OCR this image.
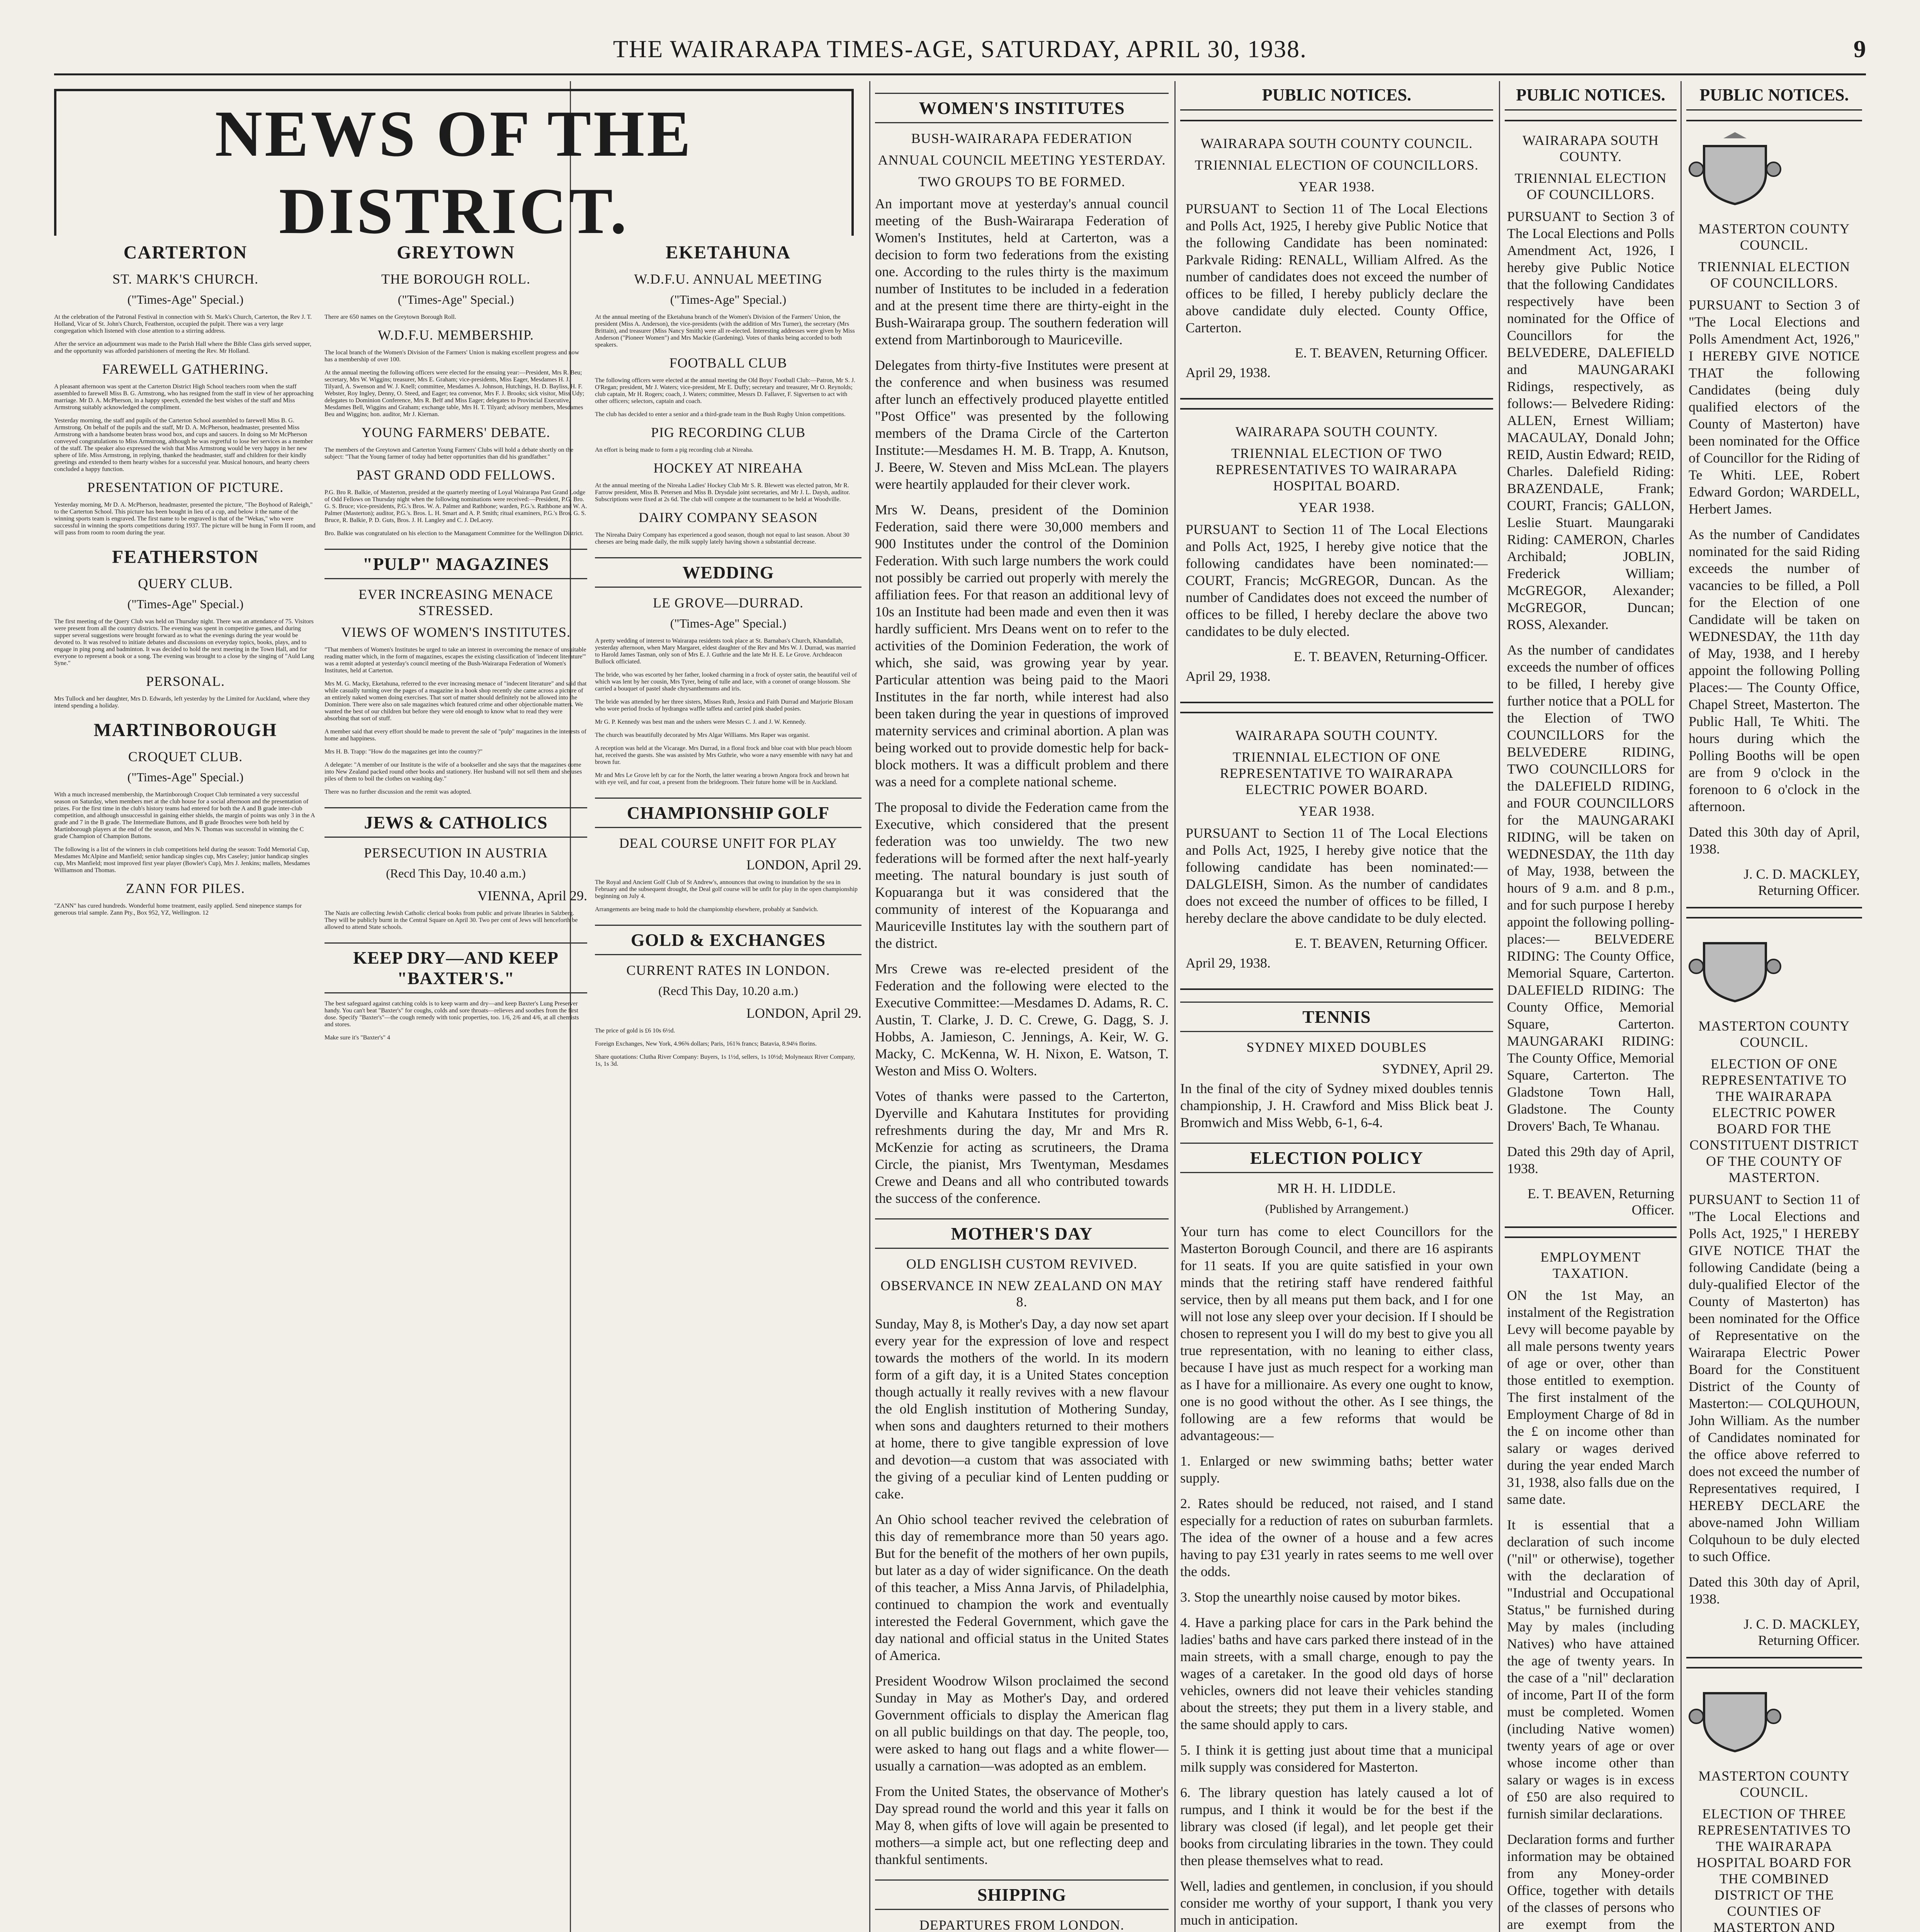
THE WAIRARAPA TIMES-AGE, SATURDAY, APRIL 30, 1938.	9
NEWS OF THE DISTRICT.
CARTERTON
ST. MARK'S CHURCH.
("Times-Age" Special.)

At the celebration of the Patronal Festival in connection with St. Mark's Church, Carterton, the Rev J. T. Holland, Vicar of St. John's Church, Featherston, occupied the pulpit. There was a very large congregation which listened with close attention to a stirring address.

After the service an adjournment was made to the Parish Hall where the Bible Class girls served supper, and the opportunity was afforded parishioners of meeting the Rev. Mr Holland.

FAREWELL GATHERING.

A pleasant afternoon was spent at the Carterton District High School teachers room when the staff assembled to farewell Miss B. G. Armstrong, who has resigned from the staff in view of her approaching marriage. Mr D. A. McPherson, in a happy speech, extended the best wishes of the staff and Miss Armstrong suitably acknowledged the compliment.

Yesterday morning, the staff and pupils of the Carterton School assembled to farewell Miss B. G. Armstrong. On behalf of the pupils and the staff, Mr D. A. McPherson, headmaster, presented Miss Armstrong with a handsome beaten brass wood box, and cups and saucers. In doing so Mr McPherson conveyed congratulations to Miss Armstrong, although he was regretful to lose her services as a member of the staff. The speaker also expressed the wish that Miss Armstrong would be very happy in her new sphere of life. Miss Armstrong, in replying, thanked the headmaster, staff and children for their kindly greetings and extended to them hearty wishes for a successful year. Musical honours, and hearty cheers concluded a happy function.

PRESENTATION OF PICTURE.

Yesterday morning, Mr D. A. McPherson, headmaster, presented the picture, "The Boyhood of Raleigh," to the Carterton School. This picture has been bought in lieu of a cup, and below it the name of the winning sports team is engraved. The first name to be engraved is that of the "Wekas," who were successful in winning the sports competitions during 1937. The picture will be hung in Form II room, and will pass from room to room during the year.

FEATHERSTON
QUERY CLUB.
("Times-Age" Special.)

The first meeting of the Query Club was held on Thursday night. There was an attendance of 75. Visitors were present from all the country districts. The evening was spent in competitive games, and during supper several suggestions were brought forward as to what the evenings during the year would be devoted to. It was resolved to initiate debates and discussions on everyday topics, books, plays, and to engage in ping pong and badminton. It was decided to hold the next meeting in the Town Hall, and for everyone to represent a book or a song. The evening was brought to a close by the singing of "Auld Lang Syne."

PERSONAL.

Mrs Tullock and her daughter, Mrs D. Edwards, left yesterday by the Limited for Auckland, where they intend spending a holiday.

MARTINBOROUGH
CROQUET CLUB.
("Times-Age" Special.)

With a much increased membership, the Martinborough Croquet Club terminated a very successful season on Saturday, when members met at the club house for a social afternoon and the presentation of prizes. For the first time in the club's history teams had entered for both the A and B grade inter-club competition, and although unsuccessful in gaining either shields, the margin of points was only 3 in the A grade and 7 in the B grade. The Intermediate Buttons, and B grade Brooches were both held by Martinborough players at the end of the season, and Mrs N. Thomas was successful in winning the C grade Champion of Champion Buttons.

The following is a list of the winners in club competitions held during the season: Todd Memorial Cup, Mesdames McAlpine and Manfield; senior handicap singles cup, Mrs Caseley; junior handicap singles cup, Mrs Manfield; most improved first year player (Bowler's Cup), Mrs J. Jenkins; mallets, Mesdames Williamson and Thomas.

ZANN FOR PILES.

"ZANN" has cured hundreds. Wonderful home treatment, easily applied. Send ninepence stamps for generous trial sample. Zann Pty., Box 952, YZ, Wellington. 12

GREYTOWN
THE BOROUGH ROLL.
("Times-Age" Special.)

There are 650 names on the Greytown Borough Roll.

W.D.F.U. MEMBERSHIP.

The local branch of the Women's Division of the Farmers' Union is making excellent progress and now has a membership of over 100.

At the annual meeting the following officers were elected for the ensuing year:—President, Mrs R. Beu; secretary, Mrs W. Wiggins; treasurer, Mrs E. Graham; vice-presidents, Miss Eager, Mesdames H. J. Tilyard, A. Swenson and W. J. Knell; committee, Mesdames A. Johnson, Hutchings, H. D. Bayliss, H. F. Webster, Roy Ingley, Denny, O. Steed, and Eager; tea convenor, Mrs F. J. Brooks; sick visitor, Miss Udy; delegates to Dominion Conference, Mrs R. Belf and Miss Eager; delegates to Provincial Executive, Mesdames Bell, Wiggins and Graham; exchange table, Mrs H. T. Tilyard; advisory members, Mesdames Beu and Wiggins; hon. auditor, Mr J. Kiernan.

YOUNG FARMERS' DEBATE.

The members of the Greytown and Carterton Young Farmers' Clubs will hold a debate shortly on the subject: "That the Young farmer of today had better opportunities than did his grandfather."

PAST GRAND ODD FELLOWS.

P.G. Bro R. Balkie, of Masterton, presided at the quarterly meeting of Loyal Wairarapa Past Grand Lodge of Odd Fellows on Thursday night when the following nominations were received:—President, P.G. Bro. G. S. Bruce; vice-presidents, P.G.'s Bros. W. A. Palmer and Rathbone; warden, P.G.'s. Rathbone and W. A. Palmer (Masterton); auditor, P.G.'s. Bros. L. H. Smart and A. P. Smith; ritual examiners, P.G.'s Bros. G. S. Bruce, R. Balkie, P. D. Guts, Bros. J. H. Langley and C. J. DeLacey.

Bro. Balkie was congratulated on his election to the Managament Committee for the Wellington District.

"PULP" MAGAZINES
EVER INCREASING MENACE STRESSED.
VIEWS OF WOMEN'S INSTITUTES.

"That members of Women's Institutes be urged to take an interest in overcoming the menace of unsuitable reading matter which, in the form of magazines, escapes the existing classification of 'indecent literature'" was a remit adopted at yesterday's council meeting of the Bush-Wairarapa Federation of Women's Institutes, held at Carterton.

Mrs M. G. Macky, Eketahuna, referred to the ever increasing menace of "indecent literature" and said that while casually turning over the pages of a magazine in a book shop recently she came across a picture of an entirely naked women doing exercises. That sort of matter should definitely not be allowed into the Dominion. There were also on sale magazines which featured crime and other objectionable matters. We wanted the best of our children but before they were old enough to know what to read they were absorbing that sort of stuff.

A member said that every effort should be made to prevent the sale of "pulp" magazines in the interests of home and happiness.

Mrs H. B. Trapp: "How do the magazines get into the country?"

A delegate: "A member of our Institute is the wife of a bookseller and she says that the magazines come into New Zealand packed round other books and stationery. Her husband will not sell them and she uses piles of them to boil the clothes on washing day."

There was no further discussion and the remit was adopted.

JEWS & CATHOLICS
PERSECUTION IN AUSTRIA
(Recd This Day, 10.40 a.m.)
VIENNA, April 29.

The Nazis are collecting Jewish Catholic clerical books from public and private libraries in Salzberg. They will be publicly burnt in the Central Square on April 30. Two per cent of Jews will henceforth be allowed to attend State schools.

KEEP DRY—AND KEEP "BAXTER'S."

The best safeguard against catching colds is to keep warm and dry—and keep Baxter's Lung Preserver handy. You can't beat "Baxter's" for coughs, colds and sore throats—relieves and soothes from the first dose. Specify "Baxter's"—the cough remedy with tonic properties, too. 1/6, 2/6 and 4/6, at all chemists and stores.

Make sure it's "Baxter's" 4

EKETAHUNA
W.D.F.U. ANNUAL MEETING
("Times-Age" Special.)

At the annual meeting of the Eketahuna branch of the Women's Division of the Farmers' Union, the president (Miss A. Anderson), the vice-presidents (with the addition of Mrs Turner), the secretary (Mrs Brittain), and treasurer (Miss Nancy Smith) were all re-elected. Interesting addresses were given by Miss Anderson ("Pioneer Women") and Mrs Mackie (Gardening). Votes of thanks being accorded to both speakers.

FOOTBALL CLUB

The following officers were elected at the annual meeting the Old Boys' Football Club:—Patron, Mr S. J. O'Regan; president, Mr J. Waters; vice-president, Mr E. Duffy; secretary and treasurer, Mr O. Reynolds; club captain, Mr H. Rogers; coach, J. Waters; committee, Messrs D. Fallaver, F. Sigvertsen to act with other officers; selectors, captain and coach.

The club has decided to enter a senior and a third-grade team in the Bush Rugby Union competitions.

PIG RECORDING CLUB

An effort is being made to form a pig recording club at Nireaha.

HOCKEY AT NIREAHA

At the annual meeting of the Nireaha Ladies' Hockey Club Mr S. R. Blewett was elected patron, Mr R. Farrow president, Miss B. Petersen and Miss B. Drysdale joint secretaries, and Mr J. L. Daysh, auditor. Subscriptions were fixed at 2s 6d. The club will compete at the tournament to be held at Woodville.

DAIRY COMPANY SEASON

The Nireaha Dairy Company has experienced a good season, though not equal to last season. About 30 cheeses are being made daily, the milk supply lately having shown a substantial decrease.

WEDDING
LE GROVE—DURRAD.
("Times-Age" Special.)

A pretty wedding of interest to Wairarapa residents took place at St. Barnabas's Church, Khandallah, yesterday afternoon, when Mary Margaret, eldest daughter of the Rev and Mrs W. J. Durrad, was married to Harold James Tasman, only son of Mrs E. J. Guthrie and the late Mr H. E. Le Grove. Archdeacon Bullock officiated.

The bride, who was escorted by her father, looked charming in a frock of oyster satin, the beautiful veil of which was lent by her cousin, Mrs Tyrer, being of tulle and lace, with a coronet of orange blossom. She carried a bouquet of pastel shade chrysanthemums and iris.

The bride was attended by her three sisters, Misses Ruth, Jessica and Faith Durrad and Marjorie Bloxam who wore period frocks of hydrangea waffle taffeta and carried pink shaded posies.

Mr G. P. Kennedy was best man and the ushers were Messrs C. J. and J. W. Kennedy.

The church was beautifully decorated by Mrs Algar Williams. Mrs Raper was organist.

A reception was held at the Vicarage. Mrs Durrad, in a floral frock and blue coat with blue peach bloom hat, received the guests. She was assisted by Mrs Guthrie, who wore a navy ensemble with navy hat and brown fur.

Mr and Mrs Le Grove left by car for the North, the latter wearing a brown Angora frock and brown hat with eye veil, and fur coat, a present from the bridegroom. Their future home will be in Auckland.

CHAMPIONSHIP GOLF
DEAL COURSE UNFIT FOR PLAY
LONDON, April 29.

The Royal and Ancient Golf Club of St Andrew's, announces that owing to inundation by the sea in February and the subsequent drought, the Deal golf course will be unfit for play in the open championship beginning on July 4.

Arrangements are being made to hold the championship elsewhere, probably at Sandwich.

GOLD & EXCHANGES
CURRENT RATES IN LONDON.
(Recd This Day, 10.20 a.m.)
LONDON, April 29.

The price of gold is £6 10s 6½d.

Foreign Exchanges, New York, 4.96⅜ dollars; Paris, 161⅝ francs; Batavia, 8.94⅛ florins.

Share quotations: Clutha River Company: Buyers, 1s 1½d, sellers, 1s 10½d; Molyneaux River Company, 1s, 1s 3d.

WOMEN'S INSTITUTES
BUSH-WAIRARAPA FEDERATION
ANNUAL COUNCIL MEETING YESTERDAY.
TWO GROUPS TO BE FORMED.

An important move at yesterday's annual council meeting of the Bush-Wairarapa Federation of Women's Institutes, held at Carterton, was a decision to form two federations from the existing one. According to the rules thirty is the maximum number of Institutes to be included in a federation and at the present time there are thirty-eight in the Bush-Wairarapa group. The southern federation will extend from Martinborough to Mauriceville.

Delegates from thirty-five Institutes were present at the conference and when business was resumed after lunch an effectively produced playette entitled "Post Office" was presented by the following members of the Drama Circle of the Carterton Institute:—Mesdames H. M. B. Trapp, A. Knutson, J. Beere, W. Steven and Miss McLean. The players were heartily applauded for their clever work.

Mrs W. Deans, president of the Dominion Federation, said there were 30,000 members and 900 Institutes under the control of the Dominion Federation. With such large numbers the work could not possibly be carried out properly with merely the affiliation fees. For that reason an additional levy of 10s an Institute had been made and even then it was hardly sufficient. Mrs Deans went on to refer to the activities of the Dominion Federation, the work of which, she said, was growing year by year. Particular attention was being paid to the Maori Institutes in the far north, while interest had also been taken during the year in questions of improved maternity services and criminal abortion. A plan was being worked out to provide domestic help for back-block mothers. It was a difficult problem and there was a need for a complete national scheme.

The proposal to divide the Federation came from the Executive, which considered that the present federation was too unwieldy. The two new federations will be formed after the next half-yearly meeting. The natural boundary is just south of Kopuaranga but it was considered that the community of interest of the Kopuaranga and Mauriceville Institutes lay with the southern part of the district.

Mrs Crewe was re-elected president of the Federation and the following were elected to the Executive Committee:—Mesdames D. Adams, R. C. Austin, T. Clarke, J. D. C. Crewe, G. Dagg, S. J. Hobbs, A. Jamieson, C. Jennings, A. Keir, W. G. Macky, C. McKenna, W. H. Nixon, E. Watson, T. Weston and Miss O. Wolters.

Votes of thanks were passed to the Carterton, Dyerville and Kahutara Institutes for providing refreshments during the day, Mr and Mrs R. McKenzie for acting as scrutineers, the Drama Circle, the pianist, Mrs Twentyman, Mesdames Crewe and Deans and all who contributed towards the success of the conference.

MOTHER'S DAY
OLD ENGLISH CUSTOM REVIVED.
OBSERVANCE IN NEW ZEALAND ON MAY 8.

Sunday, May 8, is Mother's Day, a day now set apart every year for the expression of love and respect towards the mothers of the world. In its modern form of a gift day, it is a United States conception though actually it really revives with a new flavour the old English institution of Mothering Sunday, when sons and daughters returned to their mothers at home, there to give tangible expression of love and devotion—a custom that was associated with the giving of a peculiar kind of Lenten pudding or cake.

An Ohio school teacher revived the celebration of this day of remembrance more than 50 years ago. But for the benefit of the mothers of her own pupils, but later as a day of wider significance. On the death of this teacher, a Miss Anna Jarvis, of Philadelphia, continued to champion the work and eventually interested the Federal Government, which gave the day national and official status in the United States of America.

President Woodrow Wilson proclaimed the second Sunday in May as Mother's Day, and ordered Government officials to display the American flag on all public buildings on that day. The people, too, were asked to hang out flags and a white flower—usually a carnation—was adopted as an emblem.

From the United States, the observance of Mother's Day spread round the world and this year it falls on May 8, when gifts of love will again be presented to mothers—a simple act, but one reflecting deep and thankful sentiments.

SHIPPING
DEPARTURES FROM LONDON.

PUBLIC NOTICES.
WAIRARAPA SOUTH COUNTY COUNCIL.
TRIENNIAL ELECTION OF COUNCILLORS.
YEAR 1938.

PURSUANT to Section 11 of The Local Elections and Polls Act, 1925, I hereby give Public Notice that the following Candidate has been nominated: Parkvale Riding: RENALL, William Alfred. As the number of candidates does not exceed the number of offices to be filled, I hereby publicly declare the above candidate duly elected. County Office, Carterton.

E. T. BEAVEN, Returning Officer.

April 29, 1938.

WAIRARAPA SOUTH COUNTY.
TRIENNIAL ELECTION OF TWO REPRESENTATIVES TO WAIRARAPA HOSPITAL BOARD.
YEAR 1938.

PURSUANT to Section 11 of The Local Elections and Polls Act, 1925, I hereby give notice that the following candidates have been nominated:— COURT, Francis; McGREGOR, Duncan. As the number of Candidates does not exceed the number of offices to be filled, I hereby declare the above two candidates to be duly elected.

E. T. BEAVEN, Returning-Officer.

April 29, 1938.

WAIRARAPA SOUTH COUNTY.
TRIENNIAL ELECTION OF ONE REPRESENTATIVE TO WAIRARAPA ELECTRIC POWER BOARD.
YEAR 1938.

PURSUANT to Section 11 of The Local Elections and Polls Act, 1925, I hereby give notice that the following candidate has been nominated:— DALGLEISH, Simon. As the number of candidates does not exceed the number of offices to be filled, I hereby declare the above candidate to be duly elected.

E. T. BEAVEN, Returning Officer.

April 29, 1938.

TENNIS
SYDNEY MIXED DOUBLES
SYDNEY, April 29.

In the final of the city of Sydney mixed doubles tennis championship, J. H. Crawford and Miss Blick beat J. Bromwich and Miss Webb, 6-1, 6-4.

ELECTION POLICY
MR H. H. LIDDLE.
(Published by Arrangement.)

Your turn has come to elect Councillors for the Masterton Borough Council, and there are 16 aspirants for 11 seats. If you are quite satisfied in your own minds that the retiring staff have rendered faithful service, then by all means put them back, and I for one will not lose any sleep over your decision. If I should be chosen to represent you I will do my best to give you all true representation, with no leaning to either class, because I have just as much respect for a working man as I have for a millionaire. As every one ought to know, one is no good without the other. As I see things, the following are a few reforms that would be advantageous:—

1. Enlarged or new swimming baths; better water supply.

2. Rates should be reduced, not raised, and I stand especially for a reduction of rates on suburban farmlets. The idea of the owner of a house and a few acres having to pay £31 yearly in rates seems to me well over the odds.

3. Stop the unearthly noise caused by motor bikes.

4. Have a parking place for cars in the Park behind the ladies' baths and have cars parked there instead of in the main streets, with a small charge, enough to pay the wages of a caretaker. In the good old days of horse vehicles, owners did not leave their vehicles standing about the streets; they put them in a livery stable, and the same should apply to cars.

5. I think it is getting just about time that a municipal milk supply was considered for Masterton.

6. The library question has lately caused a lot of rumpus, and I think it would be for the best if the library was closed (if legal), and let people get their books from circulating libraries in the town. They could then please themselves what to read.

Well, ladies and gentlemen, in conclusion, if you should consider me worthy of your support, I thank you very much in anticipation.

PUBLIC NOTICES.
WAIRARAPA SOUTH COUNTY.
TRIENNIAL ELECTION OF COUNCILLORS.

PURSUANT to Section 3 of The Local Elections and Polls Amendment Act, 1926, I hereby give Public Notice that the following Candidates respectively have been nominated for the Office of Councillors for the BELVEDERE, DALEFIELD and MAUNGARAKI Ridings, respectively, as follows:— Belvedere Riding: ALLEN, Ernest William; MACAULAY, Donald John; REID, Austin Edward; REID, Charles. Dalefield Riding: BRAZENDALE, Frank; COURT, Francis; GALLON, Leslie Stuart. Maungaraki Riding: CAMERON, Charles Archibald; JOBLIN, Frederick William; McGREGOR, Alexander; McGREGOR, Duncan; ROSS, Alexander.

As the number of candidates exceeds the number of offices to be filled, I hereby give further notice that a POLL for the Election of TWO COUNCILLORS for the BELVEDERE RIDING, TWO COUNCILLORS for the DALEFIELD RIDING, and FOUR COUNCILLORS for the MAUNGARAKI RIDING, will be taken on WEDNESDAY, the 11th day of May, 1938, between the hours of 9 a.m. and 8 p.m., and for such purpose I hereby appoint the following polling-places:— BELVEDERE RIDING: The County Office, Memorial Square, Carterton. DALEFIELD RIDING: The County Office, Memorial Square, Carterton. MAUNGARAKI RIDING: The County Office, Memorial Square, Carterton. The Gladstone Town Hall, Gladstone. The County Drovers' Bach, Te Whanau.

Dated this 29th day of April, 1938.

E. T. BEAVEN, Returning Officer.
EMPLOYMENT TAXATION.

ON the 1st May, an instalment of the Registration Levy will become payable by all male persons twenty years of age or over, other than those entitled to exemption. The first instalment of the Employment Charge of 8d in the £ on income other than salary or wages derived during the year ended March 31, 1938, also falls due on the same date.

It is essential that a declaration of such income ("nil" or otherwise), together with the declaration of "Industrial and Occupational Status," be furnished during May by males (including Natives) who have attained the age of twenty years. In the case of a "nil" declaration of income, Part II of the form must be completed. Women (including Native women) twenty years of age or over whose income other than salary or wages is in excess of £50 are also required to furnish similar declarations.

Declaration forms and further information may be obtained from any Money-order Office, together with details of the classes of persons who are exempt from the

PUBLIC NOTICES.
MASTERTON COUNTY COUNCIL.
TRIENNIAL ELECTION OF COUNCILLORS.

PURSUANT to Section 3 of "The Local Elections and Polls Amendment Act, 1926," I HEREBY GIVE NOTICE THAT the following Candidates (being duly qualified electors of the County of Masterton) have been nominated for the Office of Councillor for the Riding of Te Whiti. LEE, Robert Edward Gordon; WARDELL, Herbert James.

As the number of Candidates nominated for the said Riding exceeds the number of vacancies to be filled, a Poll for the Election of one Candidate will be taken on WEDNESDAY, the 11th day of May, 1938, and I hereby appoint the following Polling Places:— The County Office, Chapel Street, Masterton. The Public Hall, Te Whiti. The hours during which the Polling Booths will be open are from 9 o'clock in the forenoon to 6 o'clock in the afternoon.

Dated this 30th day of April, 1938.

J. C. D. MACKLEY, Returning Officer.
MASTERTON COUNTY COUNCIL.
ELECTION OF ONE REPRESENTATIVE TO THE WAIRARAPA ELECTRIC POWER BOARD FOR THE CONSTITUENT DISTRICT OF THE COUNTY OF MASTERTON.

PURSUANT to Section 11 of "The Local Elections and Polls Act, 1925," I HEREBY GIVE NOTICE THAT the following Candidate (being a duly-qualified Elector of the County of Masterton) has been nominated for the Office of Representative on the Wairarapa Electric Power Board for the Constituent District of the County of Masterton:— COLQUHOUN, John William. As the number of Candidates nominated for the office above referred to does not exceed the number of Representatives required, I HEREBY DECLARE the above-named John William Colquhoun to be duly elected to such Office.

Dated this 30th day of April, 1938.

J. C. D. MACKLEY, Returning Officer.
MASTERTON COUNTY COUNCIL.
ELECTION OF THREE REPRESENTATIVES TO THE WAIRARAPA HOSPITAL BOARD FOR THE COMBINED DISTRICT OF THE COUNTIES OF MASTERTON AND
